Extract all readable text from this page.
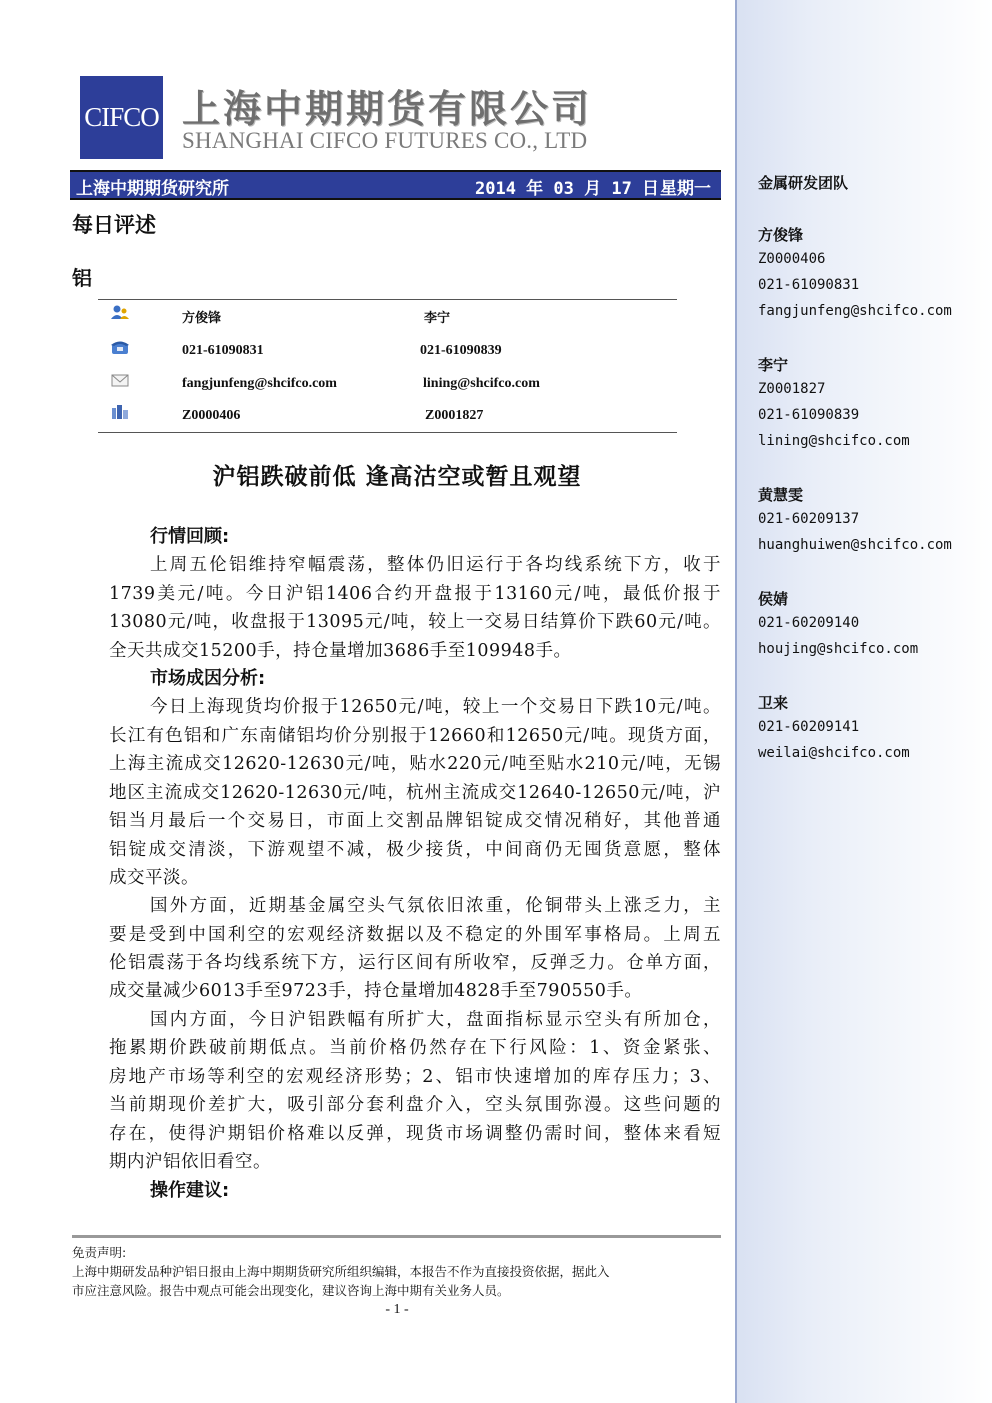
CIFCO 上海中期期货有限公司
SHANGHAI CIFCO FUTURES CO., LTD
上海中期期货研究所	2014 年 03 月 17 日 星期一
每日评述
铝
方俊锋	李宁
021-61090831	021-61090839
fangjunfeng@shcifco.com	lining@shcifco.com
Z0000406	Z0001827
沪铝跌破前低 逢高沽空或暂且观望
行情回顾:
上周五伦铝维持窄幅震荡，整体仍旧运行于各均线系统下方，收于
1739美元/吨。今日沪铝1406合约开盘报于13160元/吨，最低价报于
13080元/吨，收盘报于13095元/吨，较上一交易日结算价下跌60元/吨。
全天共成交15200手，持仓量增加3686手至109948手。
市场成因分析:
今日上海现货均价报于12650元/吨，较上一个交易日下跌10元/吨。
长江有色铝和广东南储铝均价分别报于12660和12650元/吨。现货方面，
上海主流成交12620-12630元/吨，贴水220元/吨至贴水210元/吨，无锡
地区主流成交12620-12630元/吨，杭州主流成交12640-12650元/吨，沪
铝当月最后一个交易日，市面上交割品牌铝锭成交情况稍好，其他普通
铝锭成交清淡，下游观望不减，极少接货，中间商仍无囤货意愿，整体
成交平淡。
国外方面，近期基金属空头气氛依旧浓重，伦铜带头上涨乏力，主
要是受到中国利空的宏观经济数据以及不稳定的外围军事格局。上周五
伦铝震荡于各均线系统下方，运行区间有所收窄，反弹乏力。仓单方面，
成交量减少6013手至9723手，持仓量增加4828手至790550手。
国内方面，今日沪铝跌幅有所扩大，盘面指标显示空头有所加仓，
拖累期价跌破前期低点。当前价格仍然存在下行风险：1、资金紧张、
房地产市场等利空的宏观经济形势；2、铝市快速增加的库存压力；3、
当前期现价差扩大，吸引部分套利盘介入，空头氛围弥漫。这些问题的
存在，使得沪期铝价格难以反弹，现货市场调整仍需时间，整体来看短
期内沪铝依旧看空。
操作建议:
免责声明:
上海中期研发品种沪铝日报由上海中期期货研究所组织编辑，本报告不作为直接投资依据，据此入
市应注意风险。报告中观点可能会出现变化，建议咨询上海中期有关业务人员。
- 1 -
金属研发团队
方俊锋
Z0000406
021-61090831
fangjunfeng@shcifco.com
李宁
Z0001827
021-61090839
lining@shcifco.com
黄慧雯
021-60209137
huanghuiwen@shcifco.com
侯婧
021-60209140
houjing@shcifco.com
卫来
021-60209141
weilai@shcifco.com
